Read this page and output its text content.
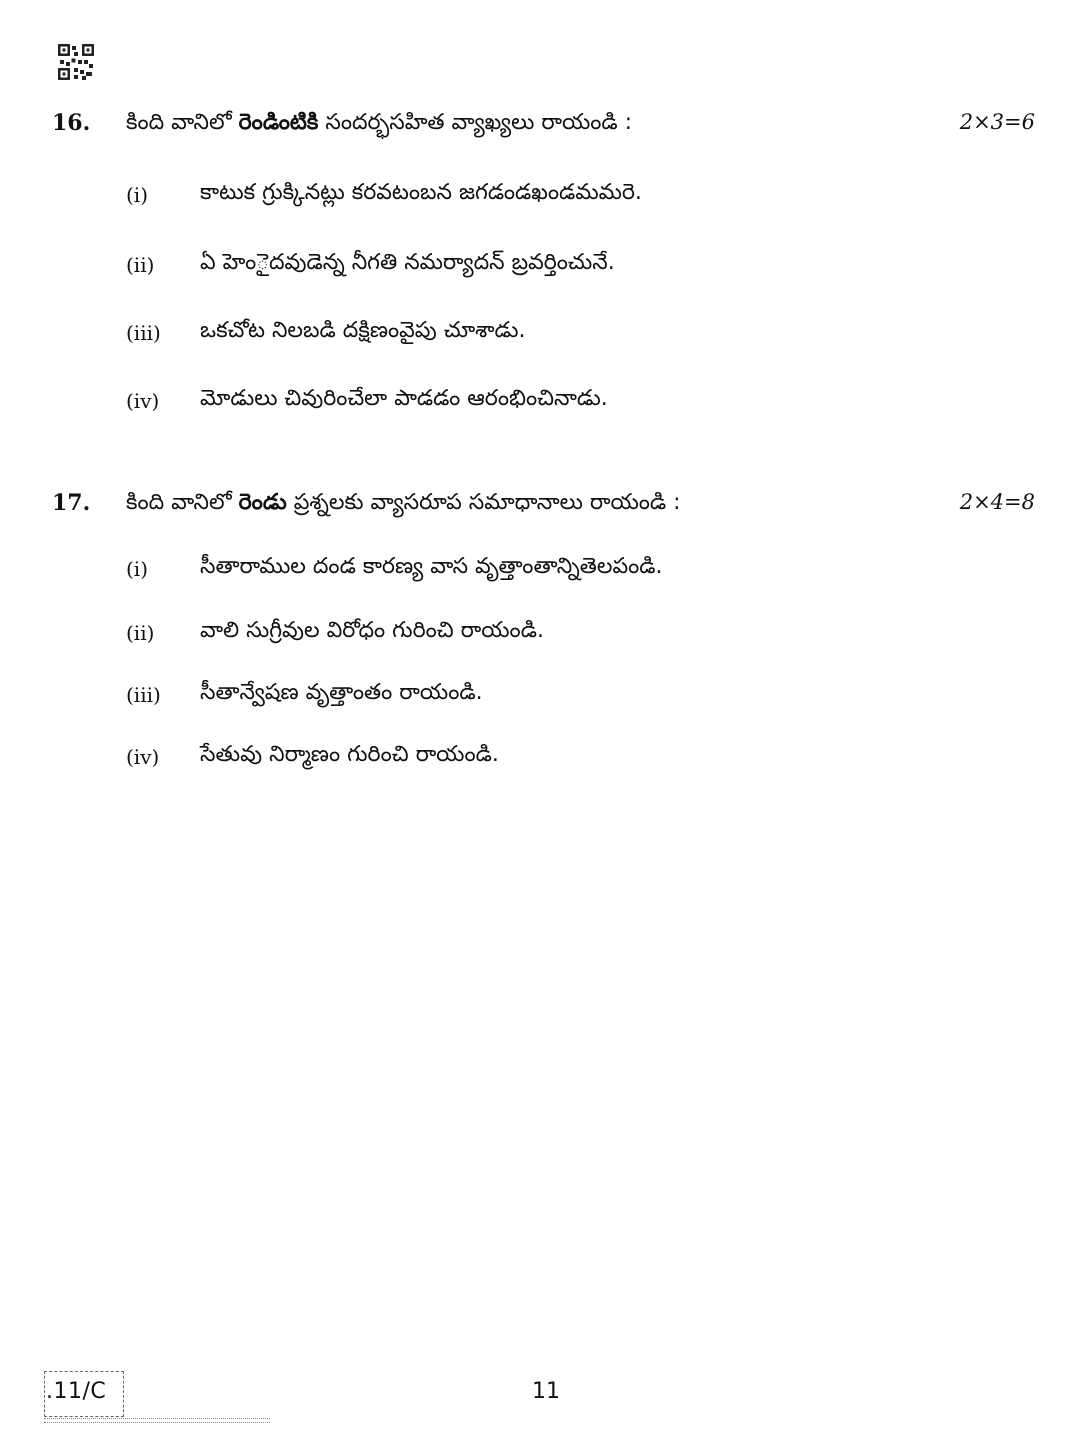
16. కింది వానిలో రెండింటికి సందర్భసహిత వ్యాఖ్యలు రాయండి :	2×3=6
(i) కాటుక గ్రుక్కినట్లు కరవటంబన జగడండఖండమమరె.
(ii) ఏ హెంైదవుడెన్న నీగతి నమర్యాదన్ బ్రవర్తించునే.
(iii) ఒకచోట నిలబడి దక్షిణంవైపు చూశాడు.
(iv) మోడులు చివురించేలా పాడడం ఆరంభించినాడు.
17. కింది వానిలో రెండు ప్రశ్నలకు వ్యాసరూప సమాధానాలు రాయండి :	2×4=8
(i) సీతారాముల దండ కారణ్య వాస వృత్తాంతాన్నితెలపండి.
(ii) వాలి సుగ్రీవుల విరోధం గురించి రాయండి.
(iii) సీతాన్వేషణ వృత్తాంతం రాయండి.
(iv) సేతువు నిర్మాణం గురించి రాయండి.
.11/C	11
